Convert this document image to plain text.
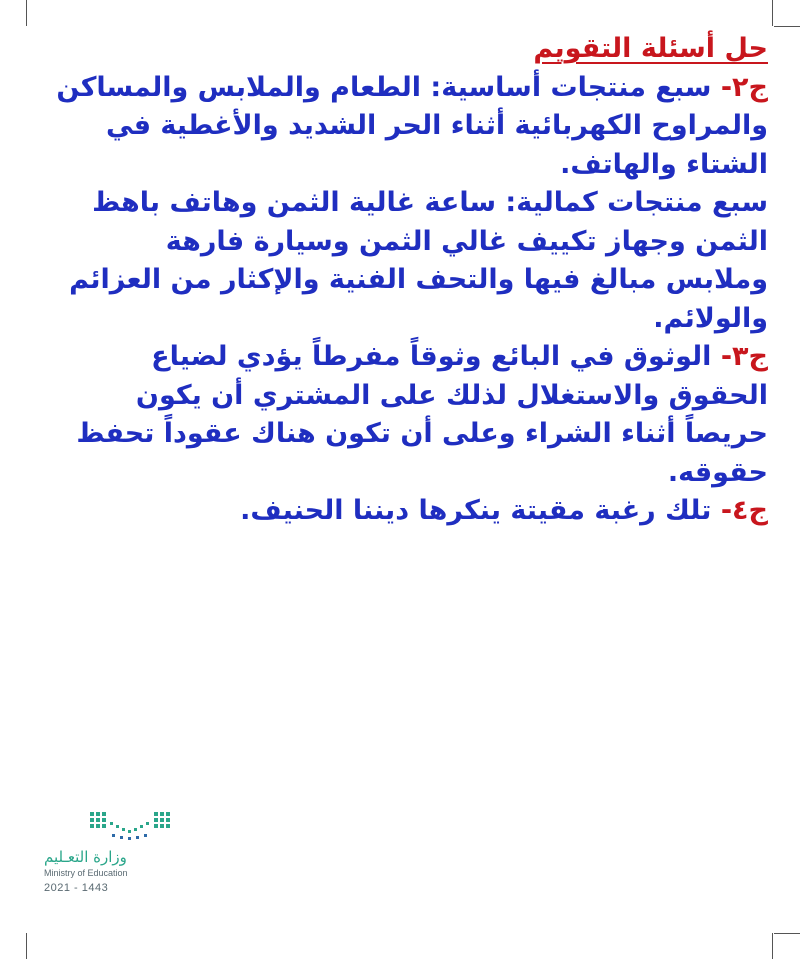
حل أسئلة التقويم

ج٢- سبع منتجات أساسية: الطعام والملابس والمساكن والمراوح الكهربائية أثناء الحر الشديد والأغطية في الشتاء والهاتف.

سبع منتجات كمالية: ساعة غالية الثمن وهاتف باهظ الثمن وجهاز تكييف غالي الثمن وسيارة فارهة وملابس مبالغ فيها والتحف الفنية والإكثار من العزائم والولائم.

ج٣- الوثوق في البائع وثوقاً مفرطاً يؤدي لضياع الحقوق والاستغلال لذلك على المشتري أن يكون حريصاً أثناء الشراء وعلى أن تكون هناك عقوداً تحفظ حقوقه.

ج٤- تلك رغبة مقيتة ينكرها ديننا الحنيف.

وزارة التعـليم
Ministry of Education
2021 - 1443
